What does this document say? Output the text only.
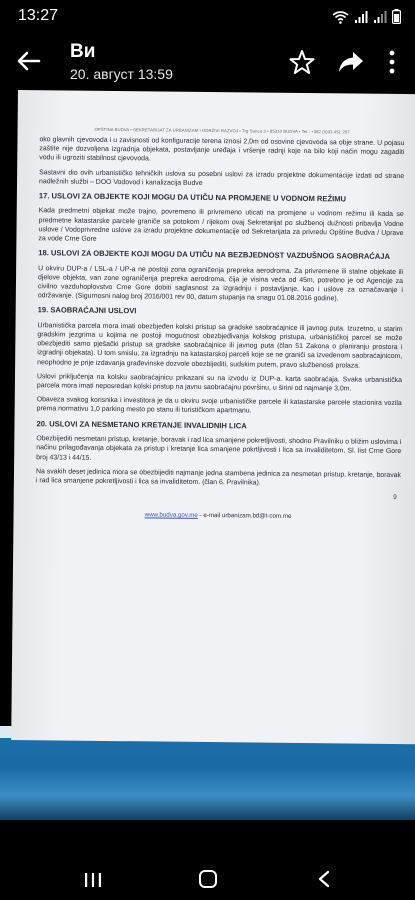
13:27
Ви
20. август 13:59
OPŠTINA BUDVA • SEKRETARIJAT ZA URBANIZAM I ODRŽIVI RAZVOJ • Trg Sunca 3 • 85310 BUDVA • Tel.: +382 (0)33 451 267

oko glavnih cjevovoda i u zavisnosti od konfiguracije terena iznosi 2,0m od osovine cjevovoda sa obje strane. U pojasu zaštite nije dozvoljena izgradnja objekata, postavljanje uređaja i vršenje radnji koje na bilo koji način mogu zagaditi vodu ili ugroziti stabilnost cjevovoda.

Sastavni dio ovih urbanističko tehničkih uslova su posebni uslovi za izradu projektne dokumentacije izdati od strane nadležnih službi – DOO Vodovod i kanalizacija Budve

17. USLOVI ZA OBJEKTE KOJI MOGU DA UTIČU NA PROMJENE U VODNOM REŽIMU

Kada predmetni objekat može trajno, povremeno ili privremeno uticati na promjene u vodnom režimu ili kada se predmetne katastarske parcele graniče sa potokom / rijekom ovaj Sekretarijat po službenoj dužnosti pribavlja Vodne uslove / Vodoprivredne uslove za izradu projektne dokumentacije od Sekretarijata za privredu Opštine Budva / Uprave za vode Crne Gore

18. USLOVI ZA OBJEKTE KOJI MOGU DA UTIČU NA BEZBJEDNOST VAZDUŠNOG SAOBRAĆAJA

U okviru DUP-a / LSL-a / UP-a ne postoji zona ograničenja prepreka aerodroma. Za privremene ili stalne objekate ili djelove objekta, van zone ograničenja prepreka aerodroma, čija je visina veća od 45m, potrebno je od Agencije za civilno vazduhoplovstvo Crne Gore dobiti saglasnost za izgradnju i postavljanje, kao i uslove za označavanje i održavanje. (Sigurnosni nalog broj 2016/001 rev 00, datum stupanja na snagu 01.08.2016 godine).

19. SAOBRAĆAJNI USLOVI

Urbanistička parcela mora imati obezbjeđen kolski pristup sa gradske saobraćajnice ili javnog puta. Izuzetno, u starim gradskim jezgrima u kojima ne postoji mogućnost obezbjeđivanja kolskog pristupa, urbanističkoj parcel se može obezbjediti samo pješački pristup sa gradske saobraćajnice ili javnog puta (član 51 Zakona o planiranju prostora i izgradnji objekata). U tom smislu, za izgradnju na katastarskoj parceli koje se ne graniči sa izvedenom saobraćajnicom, neophodno je prije izdavanja građevinske dozvole obezbijediti, sudskim putem, pravo službenosti prolaza.

Uslovi priključenja na kolsku saobraćajnicu prikazani su na izvodu iz DUP-a. karta saobraćaja. Svaka urbanistička parcela mora imati neposredan kolski pristup na javnu saobraćajnu površinu, u širini od najmanje 3,0m.

Obaveza svakog korisnika i investitora je da u okviru svoje urbanističke parcele ili katastarske parcele stacionira vozila prema normativu 1,0 parking mesto po stanu ili turističkom apartmanu.

20. USLOVI ZA NESMETANO KRETANJE INVALIDNIH LICA

Obezbijediti nesmetani pristup, kretanje, boravak i rad lica smanjene pokretljivosti, shodno Pravilniku o bližim uslovima i načinu prilagođavanja objekata za pristup i kretanje lica smanjene pokrtljivosti i lica sa invaliditetom, Sl. list Crne Gore broj 43/13 i 44/15.

Na svakih deset jedinica mora se obezbijediti najmanje jedna stambena jedinica za nesmetan pristup, kretanje, boravak i rad lica smanjene pokretljivosti i lica sa invaliditetom. (član 6. Pravilnika).

9
www.budva.gov.me - e-mail urbanizam.bd@t-com.me
